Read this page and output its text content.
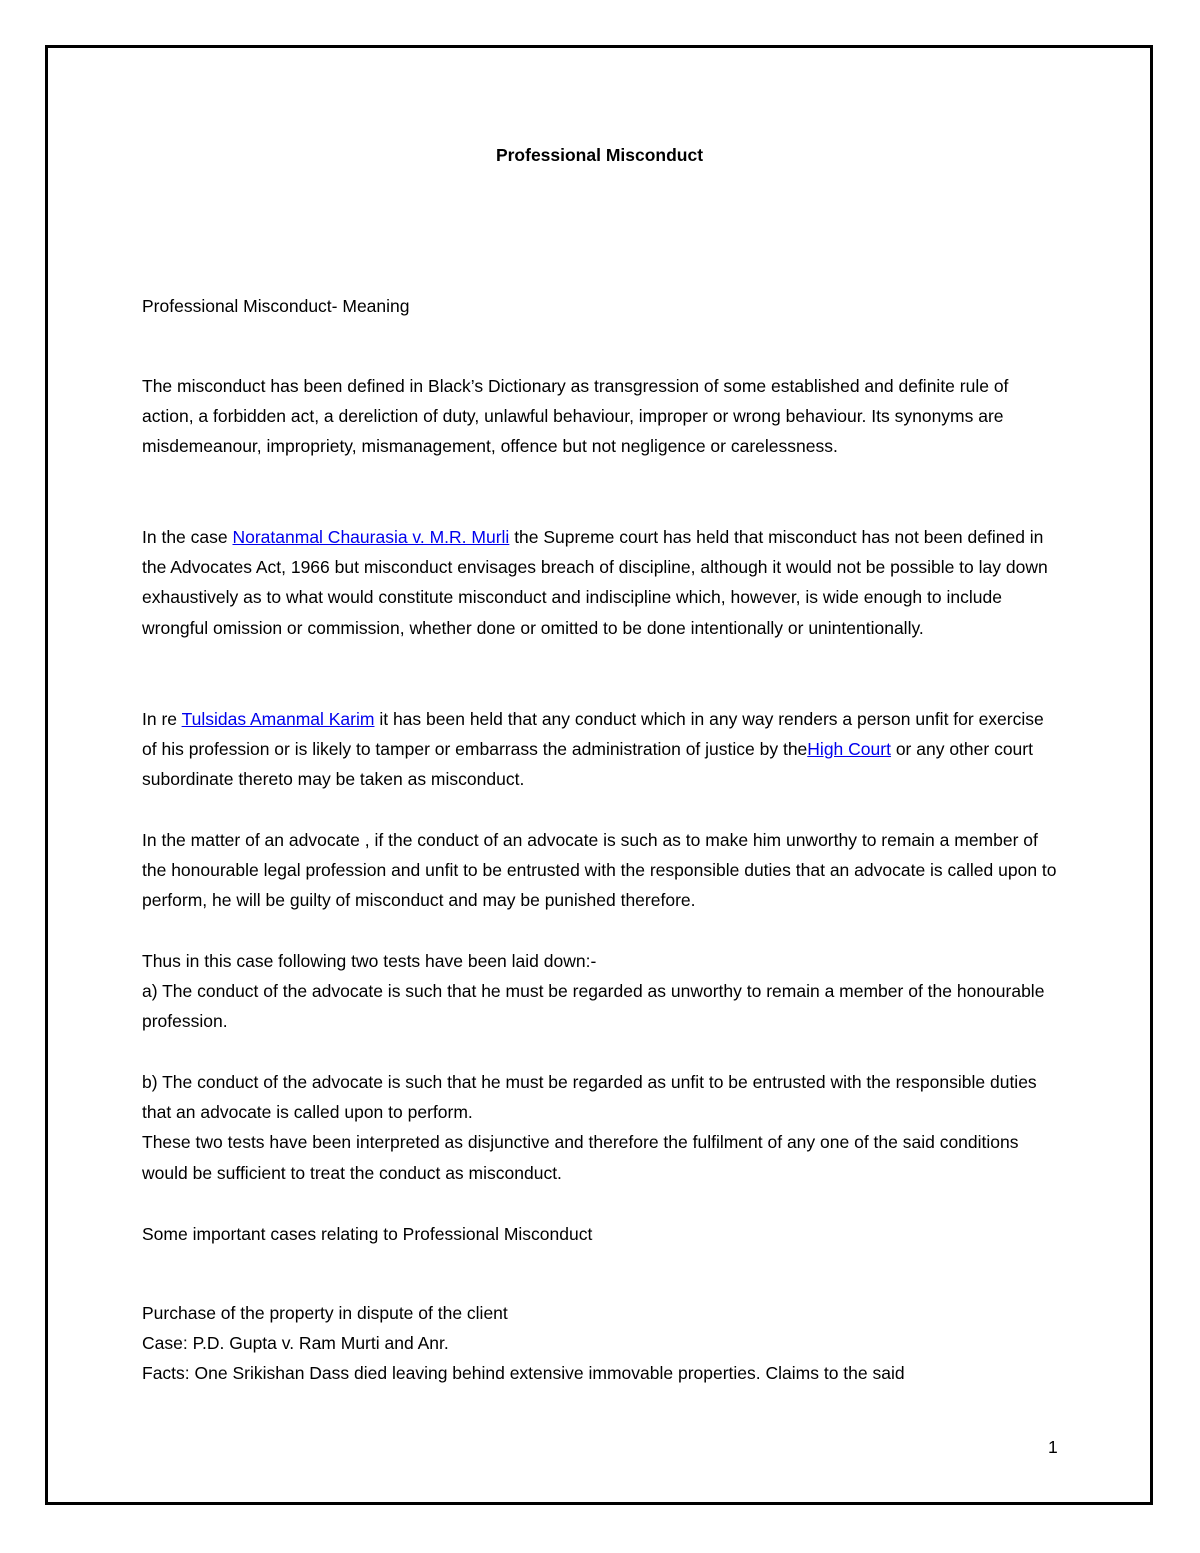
Professional Misconduct

Professional Misconduct- Meaning

The misconduct has been defined in Black’s Dictionary as transgression of some established and definite rule of action, a forbidden act, a dereliction of duty, unlawful behaviour, improper or wrong behaviour. Its synonyms are misdemeanour, impropriety, mismanagement, offence but not negligence or carelessness.

In the case Noratanmal Chaurasia v. M.R. Murli the Supreme court has held that misconduct has not been defined in the Advocates Act, 1966 but misconduct envisages breach of discipline, although it would not be possible to lay down exhaustively as to what would constitute misconduct and indiscipline which, however, is wide enough to include wrongful omission or commission, whether done or omitted to be done intentionally or unintentionally.

In re Tulsidas Amanmal Karim it has been held that any conduct which in any way renders a person unfit for exercise of his profession or is likely to tamper or embarrass the administration of justice by theHigh Court or any other court subordinate thereto may be taken as misconduct.

In the matter of an advocate , if the conduct of an advocate is such as to make him unworthy to remain a member of the honourable legal profession and unfit to be entrusted with the responsible duties that an advocate is called upon to perform, he will be guilty of misconduct and may be punished therefore.

Thus in this case following two tests have been laid down:-

a) The conduct of the advocate is such that he must be regarded as unworthy to remain a member of the honourable profession.

b) The conduct of the advocate is such that he must be regarded as unfit to be entrusted with the responsible duties that an advocate is called upon to perform.

These two tests have been interpreted as disjunctive and therefore the fulfilment of any one of the said conditions would be sufficient to treat the conduct as misconduct.

Some important cases relating to Professional Misconduct

Purchase of the property in dispute of the client

Case: P.D. Gupta v. Ram Murti and Anr.

Facts: One Srikishan Dass died leaving behind extensive immovable properties. Claims to the said

1
